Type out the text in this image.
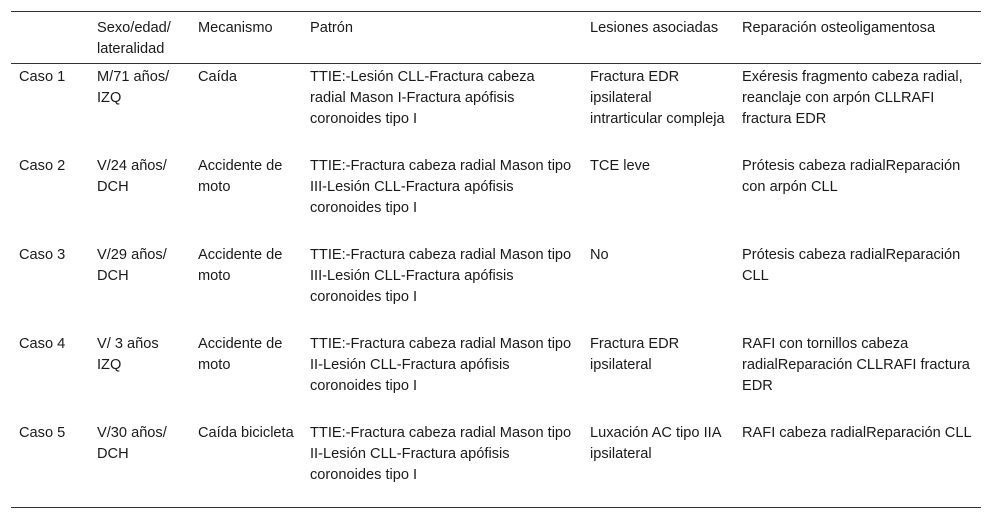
	Sexo/edad/ lateralidad	Mecanismo	Patrón	Lesiones asociadas	Reparación osteoligamentosa
Caso 1	M/71 años/ IZQ	Caída	TTIE:-Lesión CLL-Fractura cabeza radial Mason I-Fractura apófisis coronoides tipo I	Fractura EDR ipsilateral intrarticular compleja	Exéresis fragmento cabeza radial, reanclaje con arpón CLLRAFI fractura EDR
Caso 2	V/24 años/ DCH	Accidente de moto	TTIE:-Fractura cabeza radial Mason tipo III-Lesión CLL-Fractura apófisis coronoides tipo I	TCE leve	Prótesis cabeza radialReparación con arpón CLL
Caso 3	V/29 años/ DCH	Accidente de moto	TTIE:-Fractura cabeza radial Mason tipo III-Lesión CLL-Fractura apófisis coronoides tipo I	No	Prótesis cabeza radialReparación CLL
Caso 4	V/ 3 años IZQ	Accidente de moto	TTIE:-Fractura cabeza radial Mason tipo II-Lesión CLL-Fractura apófisis coronoides tipo I	Fractura EDR ipsilateral	RAFI con tornillos cabeza radialReparación CLLRAFI fractura EDR
Caso 5	V/30 años/ DCH	Caída bicicleta	TTIE:-Fractura cabeza radial Mason tipo II-Lesión CLL-Fractura apófisis coronoides tipo I	Luxación AC tipo IIA ipsilateral	RAFI cabeza radialReparación CLL
